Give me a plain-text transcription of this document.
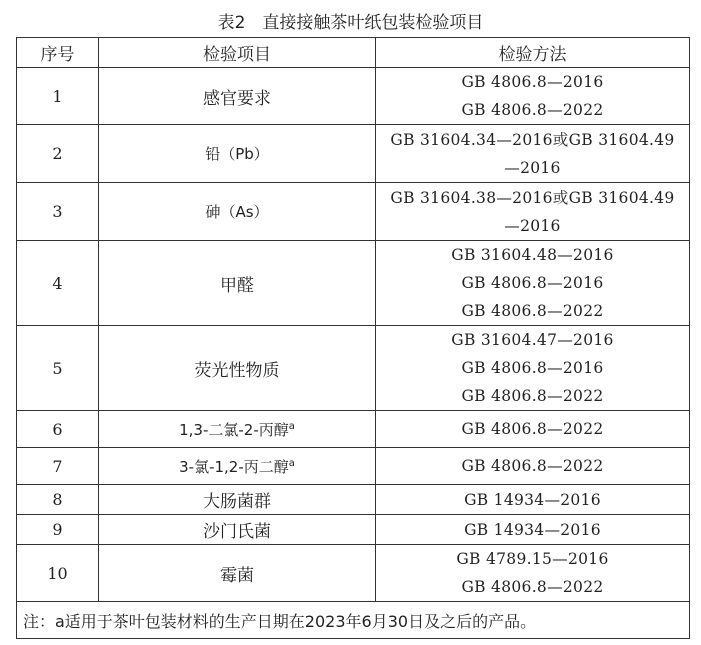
表2　直接接触茶叶纸包装检验项目
序号	检验项目	检验方法
1	感官要求	GB 4806.8—2016
GB 4806.8—2022

2	铅（Pb）	GB 31604.34—2016或GB 31604.49
—2016

3	砷（As）	GB 31604.38—2016或GB 31604.49
—2016

4	甲醛	GB 31604.48—2016
GB 4806.8—2016
GB 4806.8—2022

5	荧光性物质	GB 31604.47—2016
GB 4806.8—2016
GB 4806.8—2022

6	1,3-二氯-2-丙醇$^a$	GB 4806.8—2022

7	3-氯-1,2-丙二醇$^a$	GB 4806.8—2022

8	大肠菌群	GB 14934—2016

9	沙门氏菌	GB 14934—2016

10	霉菌	GB 4789.15—2016
GB 4806.8—2022

注：a适用于茶叶包装材料的生产日期在2023年6月30日及之后的产品。		
